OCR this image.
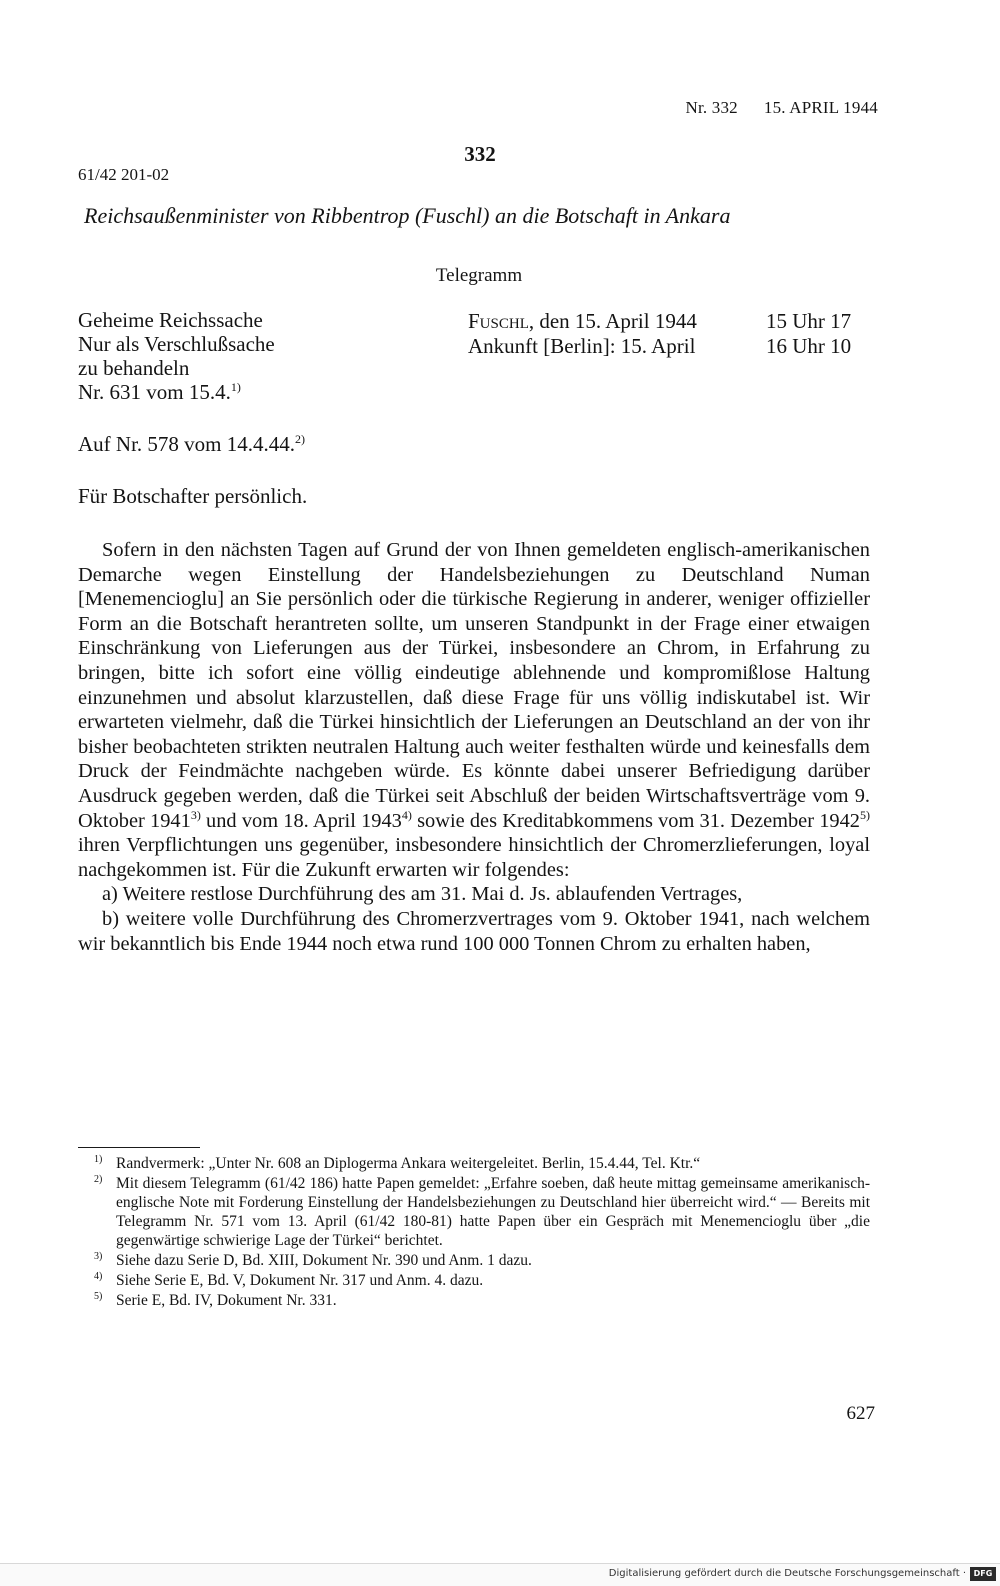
Nr. 332 15. APRIL 1944
332
61/42 201-02
Reichsaußenminister von Ribbentrop (Fuschl) an die Botschaft in Ankara
Telegramm
Geheime Reichssache
Nur als Verschlußsache
zu behandeln
Nr. 631 vom 15.4.$^{1)}$
Fuschl, den 15. April 1944	15 Uhr 17
Ankunft [Berlin]: 15. April	16 Uhr 10
Auf Nr. 578 vom 14.4.44.$^{2)}$
Für Botschafter persönlich.

Sofern in den nächsten Tagen auf Grund der von Ihnen gemeldeten englisch-amerikanischen Demarche wegen Einstellung der Handelsbeziehungen zu Deutschland Numan [Menemencioglu] an Sie persönlich oder die türkische Regierung in anderer, weniger offizieller Form an die Botschaft herantreten sollte, um unseren Standpunkt in der Frage einer etwaigen Einschränkung von Lieferungen aus der Türkei, insbesondere an Chrom, in Erfahrung zu bringen, bitte ich sofort eine völlig eindeutige ablehnende und kompromißlose Haltung einzunehmen und absolut klarzustellen, daß diese Frage für uns völlig indiskutabel ist. Wir erwarteten vielmehr, daß die Türkei hinsichtlich der Lieferungen an Deutschland an der von ihr bisher beobachteten strikten neutralen Haltung auch weiter festhalten würde und keinesfalls dem Druck der Feindmächte nachgeben würde. Es könnte dabei unserer Befriedigung darüber Ausdruck gegeben werden, daß die Türkei seit Abschluß der beiden Wirtschaftsverträge vom 9. Oktober 1941$^{3)}$ und vom 18. April 1943$^{4)}$ sowie des Kreditabkommens vom 31. Dezember 1942$^{5)}$ ihren Verpflichtungen uns gegenüber, insbesondere hinsichtlich der Chromerzlieferungen, loyal nachgekommen ist. Für die Zukunft erwarten wir folgendes:

a) Weitere restlose Durchführung des am 31. Mai d. Js. ablaufenden Vertrages,

b) weitere volle Durchführung des Chromerzvertrages vom 9. Oktober 1941, nach welchem wir bekanntlich bis Ende 1944 noch etwa rund 100 000 Tonnen Chrom zu erhalten haben,

$^{1)}$ Randvermerk: „Unter Nr. 608 an Diplogerma Ankara weitergeleitet. Berlin, 15.4.44, Tel. Ktr.“
$^{2)}$ Mit diesem Telegramm (61/42 186) hatte Papen gemeldet: „Erfahre soeben, daß heute mittag gemeinsame amerikanisch-englische Note mit Forderung Einstellung der Handelsbeziehungen zu Deutschland hier überreicht wird.“ — Bereits mit Telegramm Nr. 571 vom 13. April (61/42 180-81) hatte Papen über ein Gespräch mit Menemencioglu über „die gegenwärtige schwierige Lage der Türkei“ berichtet.
$^{3)}$ Siehe dazu Serie D, Bd. XIII, Dokument Nr. 390 und Anm. 1 dazu.
$^{4)}$ Siehe Serie E, Bd. V, Dokument Nr. 317 und Anm. 4. dazu.
$^{5)}$ Serie E, Bd. IV, Dokument Nr. 331.
627
Digitalisierung gefördert durch die Deutsche Forschungsgemeinschaft · DFG
